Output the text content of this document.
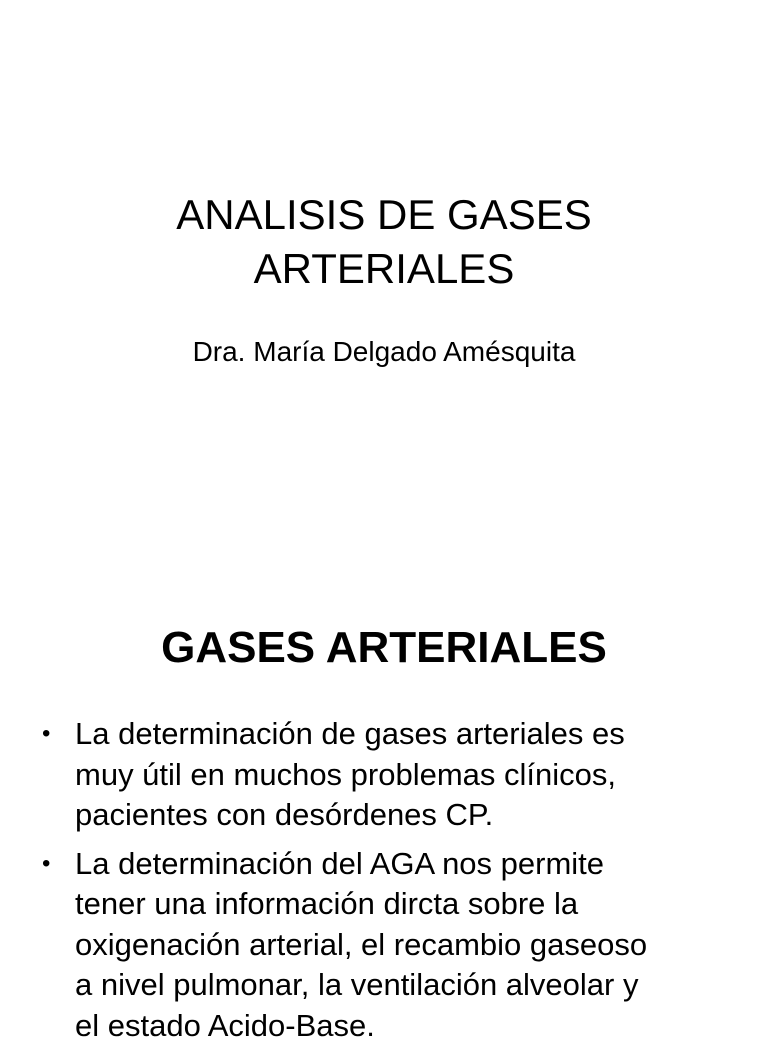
ANALISIS DE GASES
ARTERIALES
Dra. María Delgado Amésquita
GASES ARTERIALES
• La determinación de gases arteriales es
muy útil en muchos problemas clínicos,
pacientes con desórdenes CP.
• La determinación del AGA nos permite
tener una información dircta sobre la
oxigenación arterial, el recambio gaseoso
a nivel pulmonar, la ventilación alveolar y
el estado Acido-Base.
